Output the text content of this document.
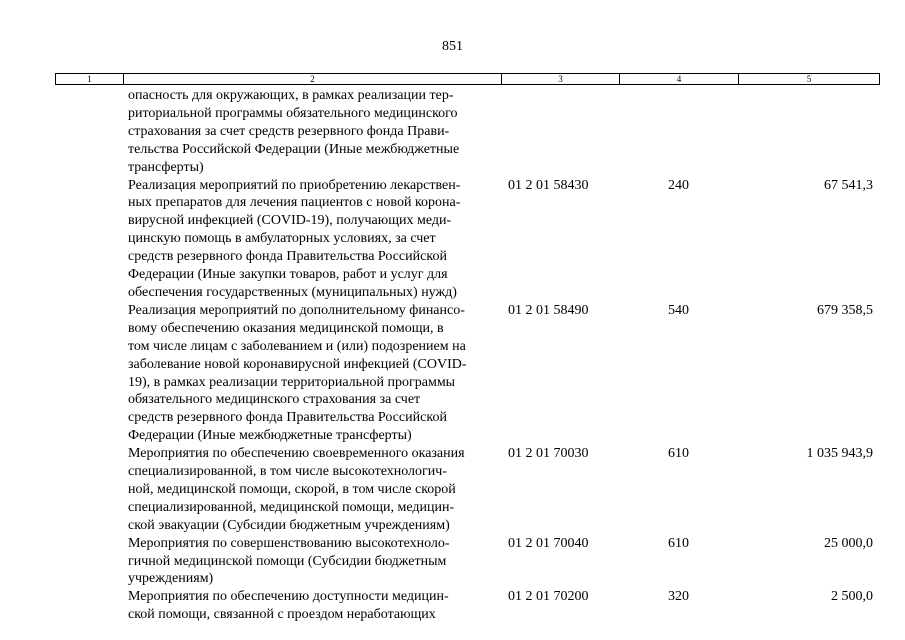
851
1	2	3	4	5
опасность для окружающих, в рамках реализации тер-
риториальной программы обязательного медицинского
страхования за счет средств резервного фонда Прави-
тельства Российской Федерации (Иные межбюджетные
трансферты)
Реализация мероприятий по приобретению лекарствен-
ных препаратов для лечения пациентов с новой корона-
вирусной инфекцией (COVID-19), получающих меди-
цинскую помощь в амбулаторных условиях, за счет
средств резервного фонда Правительства Российской
Федерации (Иные закупки товаров, работ и услуг для
обеспечения государственных (муниципальных) нужд)
01 2 01 58430	240	67 541,3
Реализация мероприятий по дополнительному финансо-
вому обеспечению оказания медицинской помощи, в
том числе лицам с заболеванием и (или) подозрением на
заболевание новой коронавирусной инфекцией (COVID-
19), в рамках реализации территориальной программы
обязательного медицинского страхования за счет
средств резервного фонда Правительства Российской
Федерации (Иные межбюджетные трансферты)
01 2 01 58490	540	679 358,5
Мероприятия по обеспечению своевременного оказания
специализированной, в том числе высокотехнологич-
ной, медицинской помощи, скорой, в том числе скорой
специализированной, медицинской помощи, медицин-
ской эвакуации (Субсидии бюджетным учреждениям)
01 2 01 70030	610	1 035 943,9
Мероприятия по совершенствованию высокотехноло-
гичной медицинской помощи (Субсидии бюджетным
учреждениям)
01 2 01 70040	610	25 000,0
Мероприятия по обеспечению доступности медицин-
ской помощи, связанной с проездом неработающих
01 2 01 70200	320	2 500,0
